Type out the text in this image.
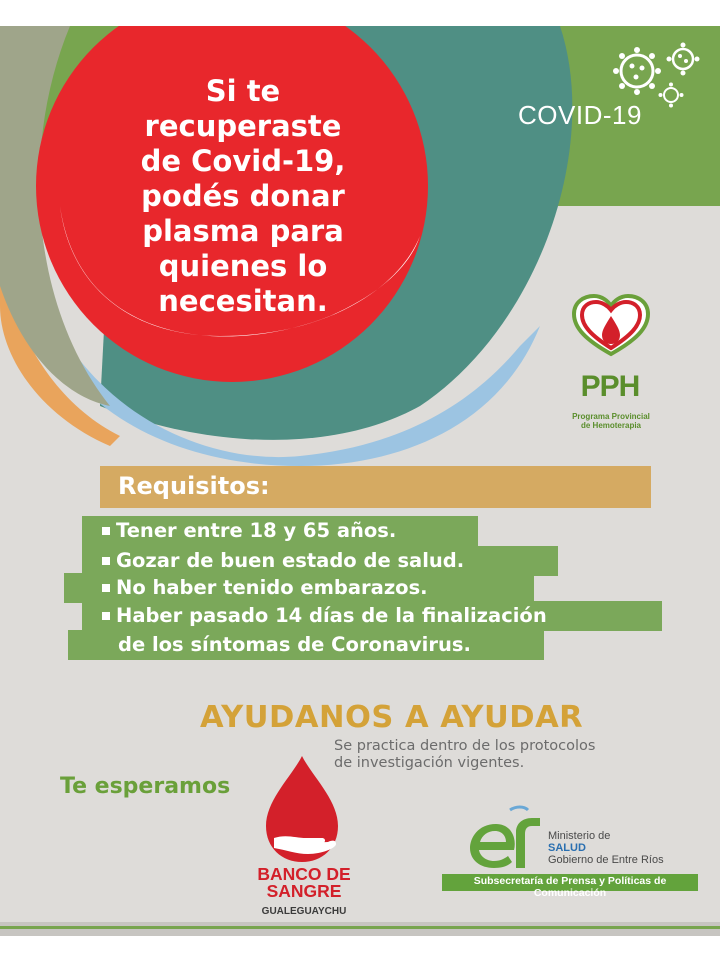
Si te
recuperaste
de Covid-19,
podés donar
plasma para
quienes lo
necesitan.
COVID-19
PPH
Programa Provincial
de Hemoterapia
Requisitos:
Tener entre 18 y 65 años.
Gozar de buen estado de salud.
No haber tenido embarazos.
Haber pasado 14 días de la finalización
de los síntomas de Coronavirus.
AYUDANOS A AYUDAR
Se practica dentro de los protocolos
de investigación vigentes.
Te esperamos
BANCO DE
SANGRE
GUALEGUAYCHU
Ministerio de
SALUD
Gobierno de Entre Ríos
Subsecretaría de Prensa y Políticas de Comunicación
